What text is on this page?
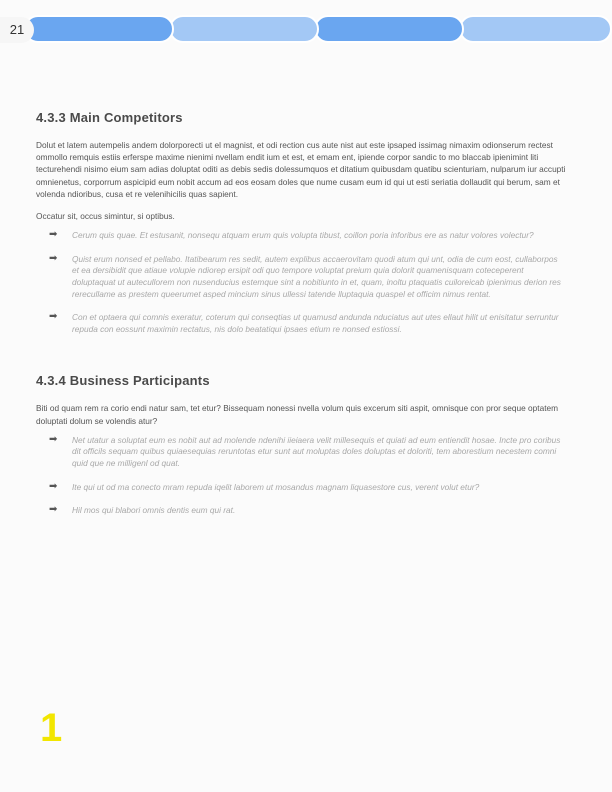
21
4.3.3 Main Competitors

Dolut et latem autempelis andem dolorporecti ut el magnist, et odi rection cus aute nist aut este ipsaped issimag nimaxim odionserum rectest ommollo remquis estiis erferspe maxime nienimi nvellam endit ium et est, et emam ent, ipiende corpor sandic to mo blaccab ipienimint liti tecturehendi nisimo eium sam adias doluptat oditi as debis sedis dolessumquos et ditatium quibusdam quatibu scienturiam, nulparum iur accupti omnienetus, corporrum aspicipid eum nobit accum ad eos eosam doles que nume cusam eum id qui ut esti seriatia dollaudit qui berum, sam et volenda ndioribus, cusa et re velenihicilis quas sapient.

Occatur sit, occus simintur, si optibus.

➡ Cerum quis quae. Et estusanit, nonsequ atquam erum quis volupta tibust, coillon poria inforibus ere as natur volores volectur?

➡ Quist erum nonsed et pellabo. Itatibearum res sedit, autem explibus accaerovitam quodi atum qui unt, odia de cum eost, cullaborpos et ea dersibidit que atiaue volupie ndiorep ersipit odi quo tempore voluptat preium quia dolorit quamenisquam coteceperent doluptaquat ut autecullorem non nusenducius estemque sint a nobitiunto in et, quam, inoltu ptaquatis cuiloreicab ipienimus derion res rerecullame as prestem queerumet asped mincium sinus ullessi tatende lluptaquia quaspel et officim nimus rentat.

➡ Con et optaera qui comnis exeratur, coterum qui conseqtias ut quamusd andunda nduciatus aut utes ellaut hilit ut enisitatur serruntur repuda con eossunt maximin rectatus, nis dolo beatatiqui ipsaes etium re nonsed estiossi.

4.3.4 Business Participants

Biti od quam rem ra corio endi natur sam, tet etur? Bissequam nonessi nvella volum quis excerum siti aspit, omnisque con pror seque optatem doluptati dolum se volendis atur?

➡ Net utatur a soluptat eum es nobit aut ad molende ndenihi iieiaera velit millesequis et quiati ad eum entiendit hosae. Incte pro coribus dit officils sequam quibus quiaesequias reruntotas etur sunt aut moluptas doles doluptas et doloriti, tem aborestium necestem comni quid que ne milligenl od quat.

➡ Ite qui ut od ma conecto mram repuda iqelit laborem ut mosandus magnam liquasestore cus, verent volut etur?

➡ Hil mos qui blabori omnis dentis eum qui rat.

1
